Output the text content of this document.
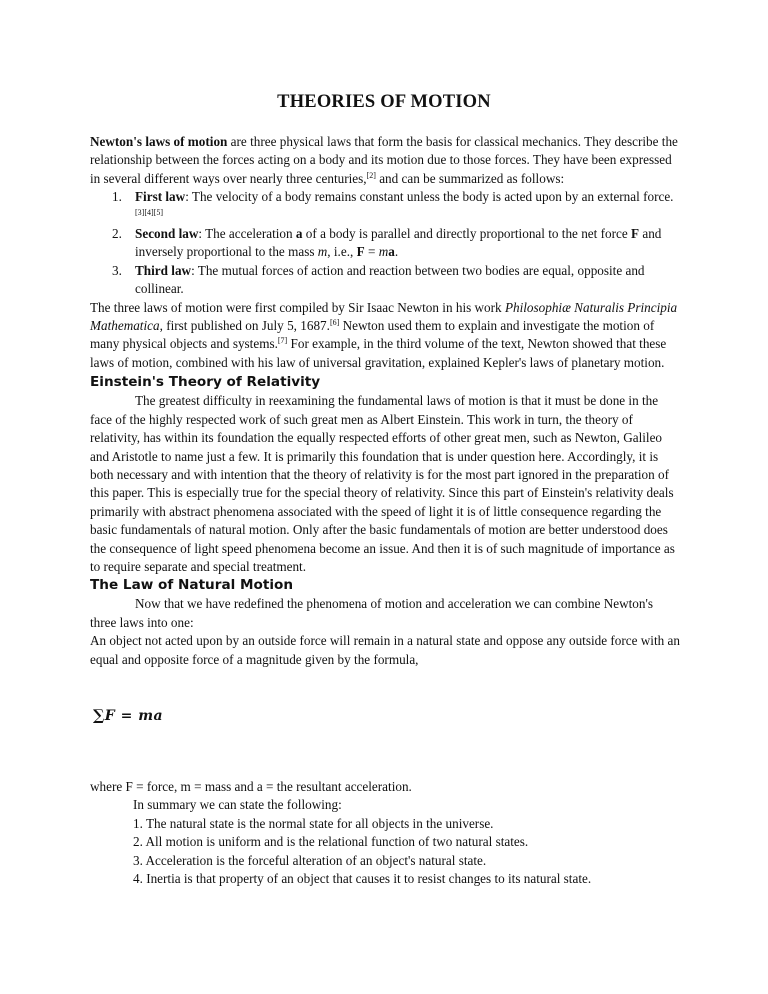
THEORIES OF MOTION

Newton's laws of motion are three physical laws that form the basis for classical mechanics. They describe the relationship between the forces acting on a body and its motion due to those forces. They have been expressed in several different ways over nearly three centuries,[2] and can be summarized as follows:

1. First law: The velocity of a body remains constant unless the body is acted upon by an external force.[3][4][5]
2. Second law: The acceleration a of a body is parallel and directly proportional to the net force F and inversely proportional to the mass m, i.e., F = ma.
3. Third law: The mutual forces of action and reaction between two bodies are equal, opposite and collinear.

The three laws of motion were first compiled by Sir Isaac Newton in his work Philosophiæ Naturalis Principia Mathematica, first published on July 5, 1687.[6] Newton used them to explain and investigate the motion of many physical objects and systems.[7] For example, in the third volume of the text, Newton showed that these laws of motion, combined with his law of universal gravitation, explained Kepler's laws of planetary motion.

Einstein's Theory of Relativity

The greatest difficulty in reexamining the fundamental laws of motion is that it must be done in the face of the highly respected work of such great men as Albert Einstein. This work in turn, the theory of relativity, has within its foundation the equally respected efforts of other great men, such as Newton, Galileo and Aristotle to name just a few. It is primarily this foundation that is under question here. Accordingly, it is both necessary and with intention that the theory of relativity is for the most part ignored in the preparation of this paper. This is especially true for the special theory of relativity. Since this part of Einstein's relativity deals primarily with abstract phenomena associated with the speed of light it is of little consequence regarding the basic fundamentals of natural motion. Only after the basic fundamentals of motion are better understood does the consequence of light speed phenomena become an issue. And then it is of such magnitude of importance as to require separate and special treatment.

The Law of Natural Motion

Now that we have redefined the phenomena of motion and acceleration we can combine Newton's three laws into one:

An object not acted upon by an outside force will remain in a natural state and oppose any outside force with an equal and opposite force of a magnitude given by the formula,

∑F = ma

where F = force, m = mass and a = the resultant acceleration.

In summary we can state the following:

1. The natural state is the normal state for all objects in the universe.
2. All motion is uniform and is the relational function of two natural states.
3. Acceleration is the forceful alteration of an object's natural state.
4. Inertia is that property of an object that causes it to resist changes to its natural state.
